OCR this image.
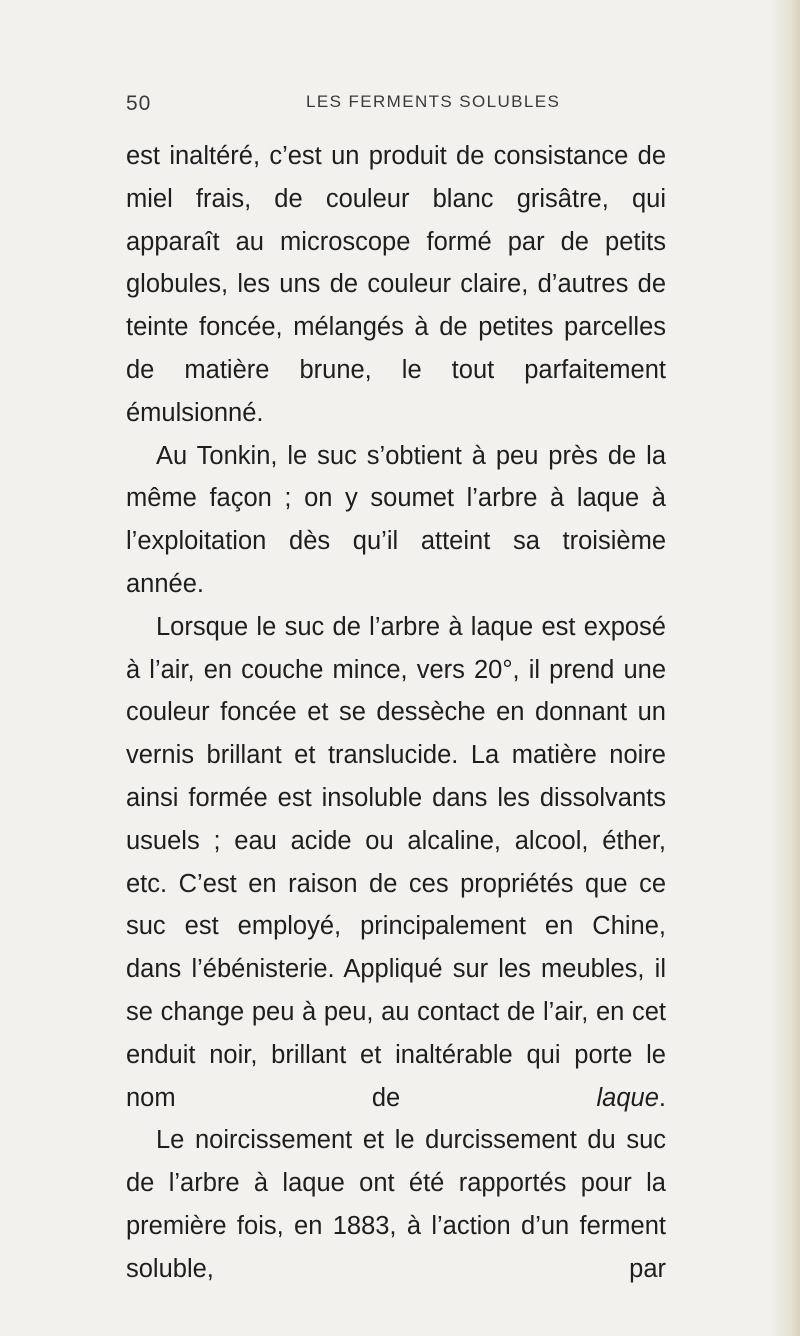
50	LES FERMENTS SOLUBLES

est inaltéré, c’est un produit de consistance de miel frais, de couleur blanc grisâtre, qui apparaît au microscope formé par de petits globules, les uns de couleur claire, d’autres de teinte foncée, mélangés à de petites parcelles de matière brune, le tout parfaitement émulsionné.

Au Tonkin, le suc s’obtient à peu près de la même façon ; on y soumet l’arbre à laque à l’exploitation dès qu’il atteint sa troisième année.

Lorsque le suc de l’arbre à laque est exposé à l’air, en couche mince, vers 20°, il prend une couleur foncée et se dessèche en donnant un vernis brillant et translucide. La matière noire ainsi formée est insoluble dans les dissolvants usuels ; eau acide ou alcaline, alcool, éther, etc. C’est en raison de ces propriétés que ce suc est employé, principalement en Chine, dans l’ébénisterie. Appliqué sur les meubles, il se change peu à peu, au contact de l’air, en cet enduit noir, brillant et inaltérable qui porte le nom de laque.

Le noircissement et le durcissement du suc de l’arbre à laque ont été rapportés pour la première fois, en 1883, à l’action d’un ferment soluble, par
